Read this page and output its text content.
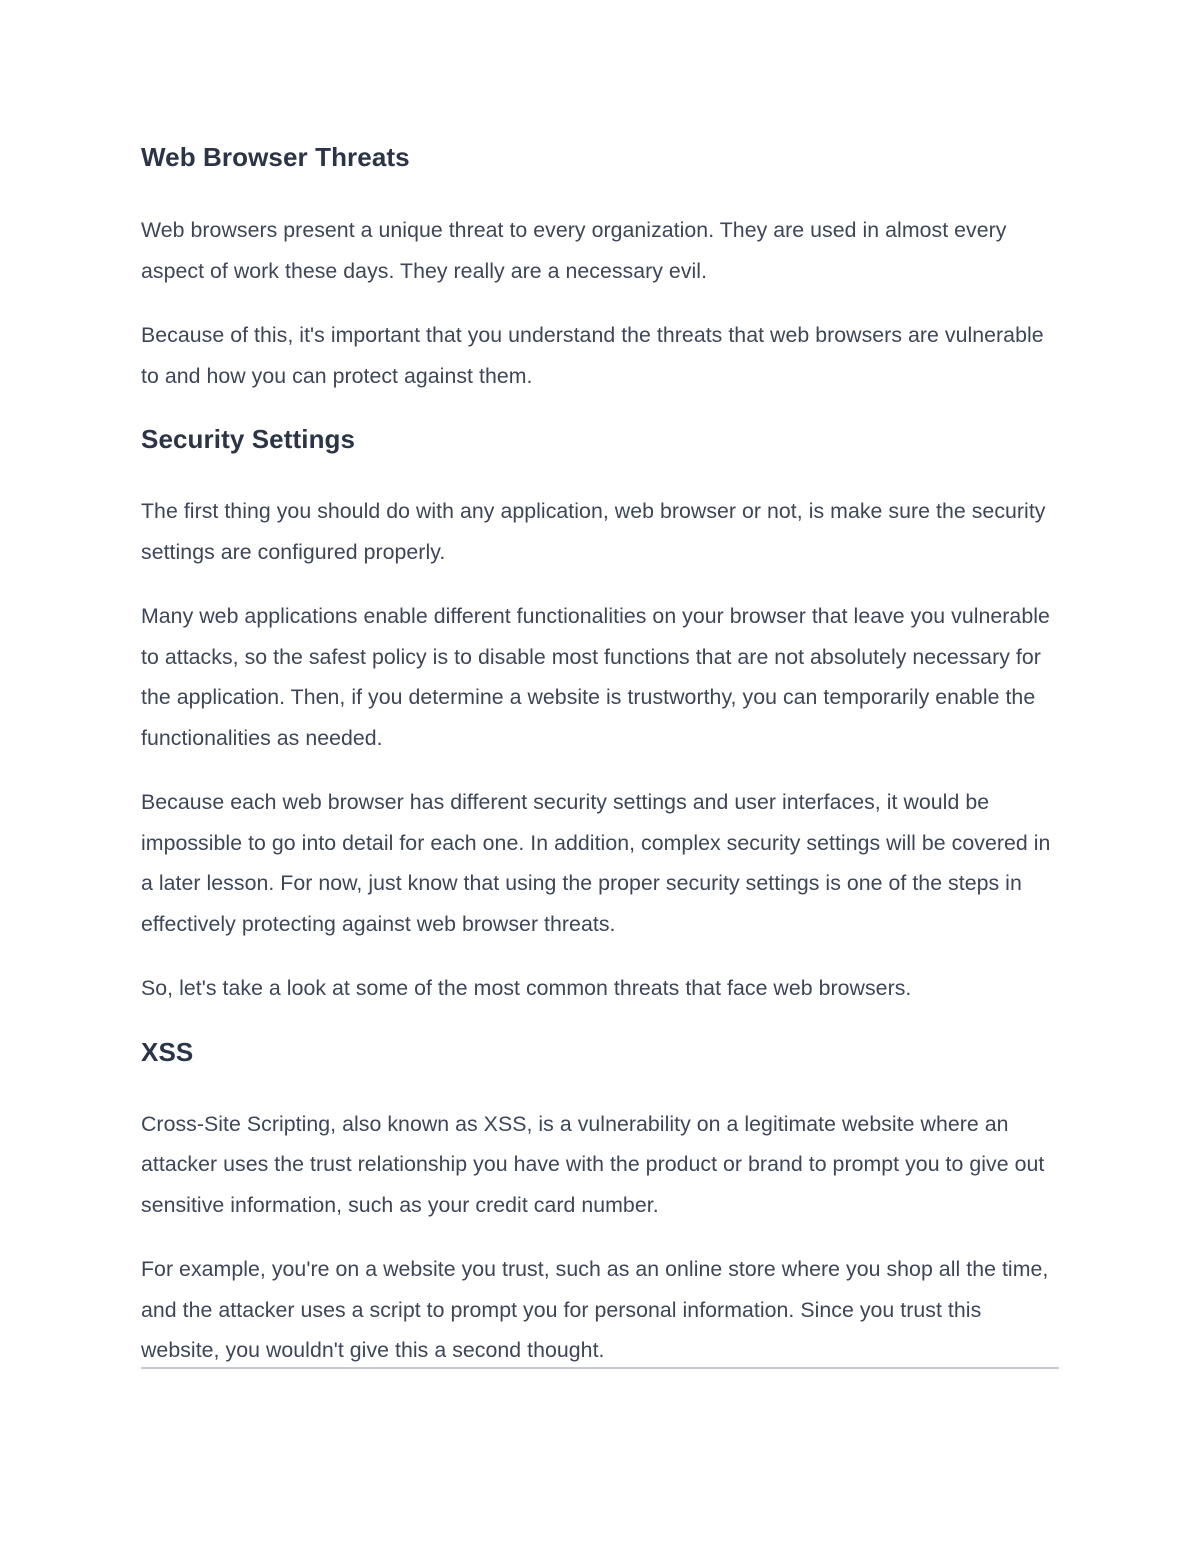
Web Browser Threats

Web browsers present a unique threat to every organization. They are used in almost every aspect of work these days. They really are a necessary evil.

Because of this, it's important that you understand the threats that web browsers are vulnerable to and how you can protect against them.

Security Settings

The first thing you should do with any application, web browser or not, is make sure the security settings are configured properly.

Many web applications enable different functionalities on your browser that leave you vulnerable to attacks, so the safest policy is to disable most functions that are not absolutely necessary for the application. Then, if you determine a website is trustworthy, you can temporarily enable the functionalities as needed.

Because each web browser has different security settings and user interfaces, it would be impossible to go into detail for each one. In addition, complex security settings will be covered in a later lesson. For now, just know that using the proper security settings is one of the steps in effectively protecting against web browser threats.

So, let's take a look at some of the most common threats that face web browsers.

XSS

Cross-Site Scripting, also known as XSS, is a vulnerability on a legitimate website where an attacker uses the trust relationship you have with the product or brand to prompt you to give out sensitive information, such as your credit card number.

For example, you're on a website you trust, such as an online store where you shop all the time, and the attacker uses a script to prompt you for personal information. Since you trust this website, you wouldn't give this a second thought.
